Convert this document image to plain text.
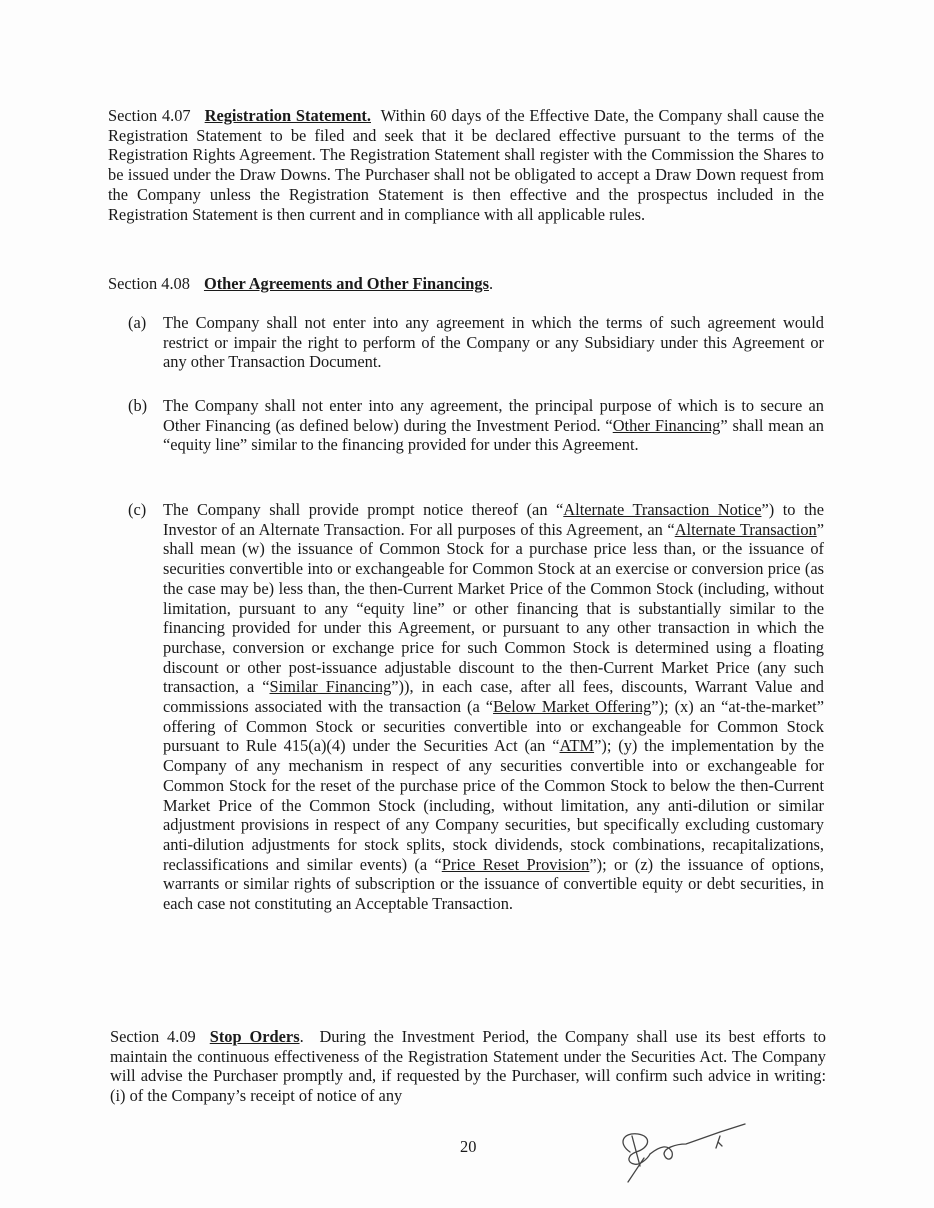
Section 4.07 Registration Statement. Within 60 days of the Effective Date, the Company shall cause the Registration Statement to be filed and seek that it be declared effective pursuant to the terms of the Registration Rights Agreement. The Registration Statement shall register with the Commission the Shares to be issued under the Draw Downs. The Purchaser shall not be obligated to accept a Draw Down request from the Company unless the Registration Statement is then effective and the prospectus included in the Registration Statement is then current and in compliance with all applicable rules.
Section 4.08 Other Agreements and Other Financings.
(a) The Company shall not enter into any agreement in which the terms of such agreement would restrict or impair the right to perform of the Company or any Subsidiary under this Agreement or any other Transaction Document.
(b) The Company shall not enter into any agreement, the principal purpose of which is to secure an Other Financing (as defined below) during the Investment Period. “Other Financing” shall mean an “equity line” similar to the financing provided for under this Agreement.
(c) The Company shall provide prompt notice thereof (an “Alternate Transaction Notice”) to the Investor of an Alternate Transaction. For all purposes of this Agreement, an “Alternate Transaction” shall mean (w) the issuance of Common Stock for a purchase price less than, or the issuance of securities convertible into or exchangeable for Common Stock at an exercise or conversion price (as the case may be) less than, the then-Current Market Price of the Common Stock (including, without limitation, pursuant to any “equity line” or other financing that is substantially similar to the financing provided for under this Agreement, or pursuant to any other transaction in which the purchase, conversion or exchange price for such Common Stock is determined using a floating discount or other post-issuance adjustable discount to the then-Current Market Price (any such transaction, a “Similar Financing”)), in each case, after all fees, discounts, Warrant Value and commissions associated with the transaction (a “Below Market Offering”); (x) an “at-the-market” offering of Common Stock or securities convertible into or exchangeable for Common Stock pursuant to Rule 415(a)(4) under the Securities Act (an “ATM”); (y) the implementation by the Company of any mechanism in respect of any securities convertible into or exchangeable for Common Stock for the reset of the purchase price of the Common Stock to below the then-Current Market Price of the Common Stock (including, without limitation, any anti-dilution or similar adjustment provisions in respect of any Company securities, but specifically excluding customary anti-dilution adjustments for stock splits, stock dividends, stock combinations, recapitalizations, reclassifications and similar events) (a “Price Reset Provision”); or (z) the issuance of options, warrants or similar rights of subscription or the issuance of convertible equity or debt securities, in each case not constituting an Acceptable Transaction.
Section 4.09 Stop Orders. During the Investment Period, the Company shall use its best efforts to maintain the continuous effectiveness of the Registration Statement under the Securities Act. The Company will advise the Purchaser promptly and, if requested by the Purchaser, will confirm such advice in writing: (i) of the Company’s receipt of notice of any
20
